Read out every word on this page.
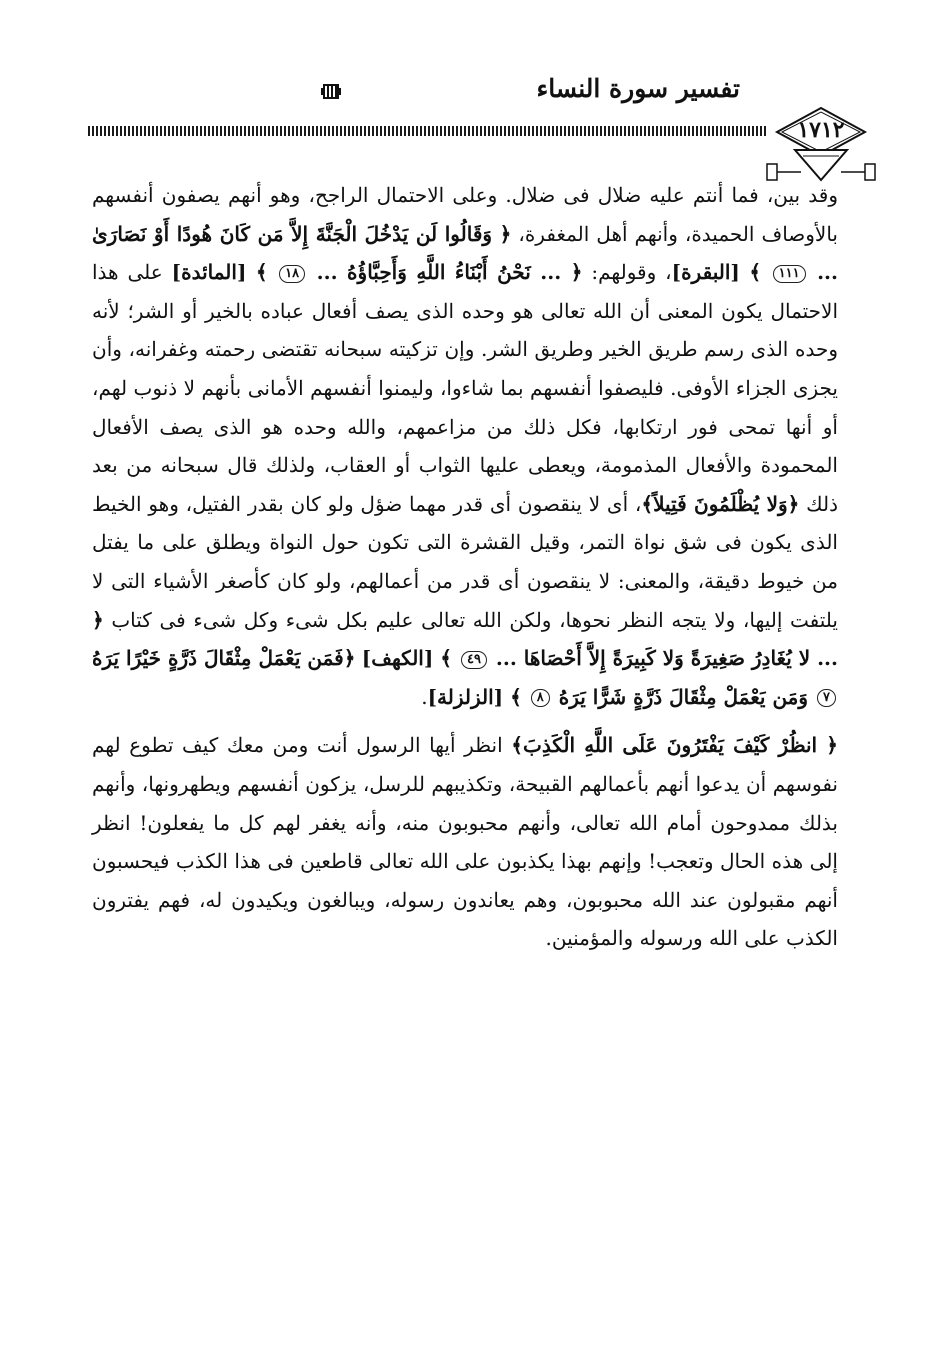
تفسير سورة النساء
١٧١٢

وقد بين، فما أنتم عليه ضلال فى ضلال. وعلى الاحتمال الراجح، وهو أنهم يصفون أنفسهم بالأوصاف الحميدة، وأنهم أهل المغفرة، ﴿ وَقَالُوا لَن يَدْخُلَ الْجَنَّةَ إِلاَّ مَن كَانَ هُودًا أَوْ نَصَارَىٰ ... ١١١ ﴾ [البقرة]، وقولهم: ﴿ ... نَحْنُ أَبْنَاءُ اللَّهِ وَأَحِبَّاؤُهُ ... ١٨ ﴾ [المائدة] على هذا الاحتمال يكون المعنى أن الله تعالى هو وحده الذى يصف أفعال عباده بالخير أو الشر؛ لأنه وحده الذى رسم طريق الخير وطريق الشر. وإن تزكيته سبحانه تقتضى رحمته وغفرانه، وأن يجزى الجزاء الأوفى. فليصفوا أنفسهم بما شاءوا، وليمنوا أنفسهم الأمانى بأنهم لا ذنوب لهم، أو أنها تمحى فور ارتكابها، فكل ذلك من مزاعمهم، والله وحده هو الذى يصف الأفعال المحمودة والأفعال المذمومة، ويعطى عليها الثواب أو العقاب، ولذلك قال سبحانه من بعد ذلك ﴿وَلا يُظْلَمُونَ فَتِيلاً﴾، أى لا ينقصون أى قدر مهما ضؤل ولو كان بقدر الفتيل، وهو الخيط الذى يكون فى شق نواة التمر، وقيل القشرة التى تكون حول النواة ويطلق على ما يفتل من خيوط دقيقة، والمعنى: لا ينقصون أى قدر من أعمالهم، ولو كان كأصغر الأشياء التى لا يلتفت إليها، ولا يتجه النظر نحوها، ولكن الله تعالى عليم بكل شىء وكل شىء فى كتاب ﴿ ... لا يُغَادِرُ صَغِيرَةً وَلا كَبِيرَةً إِلاَّ أَحْصَاهَا ... ٤٩ ﴾ [الكهف] ﴿فَمَن يَعْمَلْ مِثْقَالَ ذَرَّةٍ خَيْرًا يَرَهُ ٧ وَمَن يَعْمَلْ مِثْقَالَ ذَرَّةٍ شَرًّا يَرَهُ ٨ ﴾ [الزلزلة].

﴿ انظُرْ كَيْفَ يَفْتَرُونَ عَلَى اللَّهِ الْكَذِبَ﴾ انظر أيها الرسول أنت ومن معك كيف تطوع لهم نفوسهم أن يدعوا أنهم بأعمالهم القبيحة، وتكذيبهم للرسل، يزكون أنفسهم ويطهرونها، وأنهم بذلك ممدوحون أمام الله تعالى، وأنهم محبوبون منه، وأنه يغفر لهم كل ما يفعلون! انظر إلى هذه الحال وتعجب! وإنهم بهذا يكذبون على الله تعالى قاطعين فى هذا الكذب فيحسبون أنهم مقبولون عند الله محبوبون، وهم يعاندون رسوله، ويبالغون ويكيدون له، فهم يفترون الكذب على الله ورسوله والمؤمنين.
